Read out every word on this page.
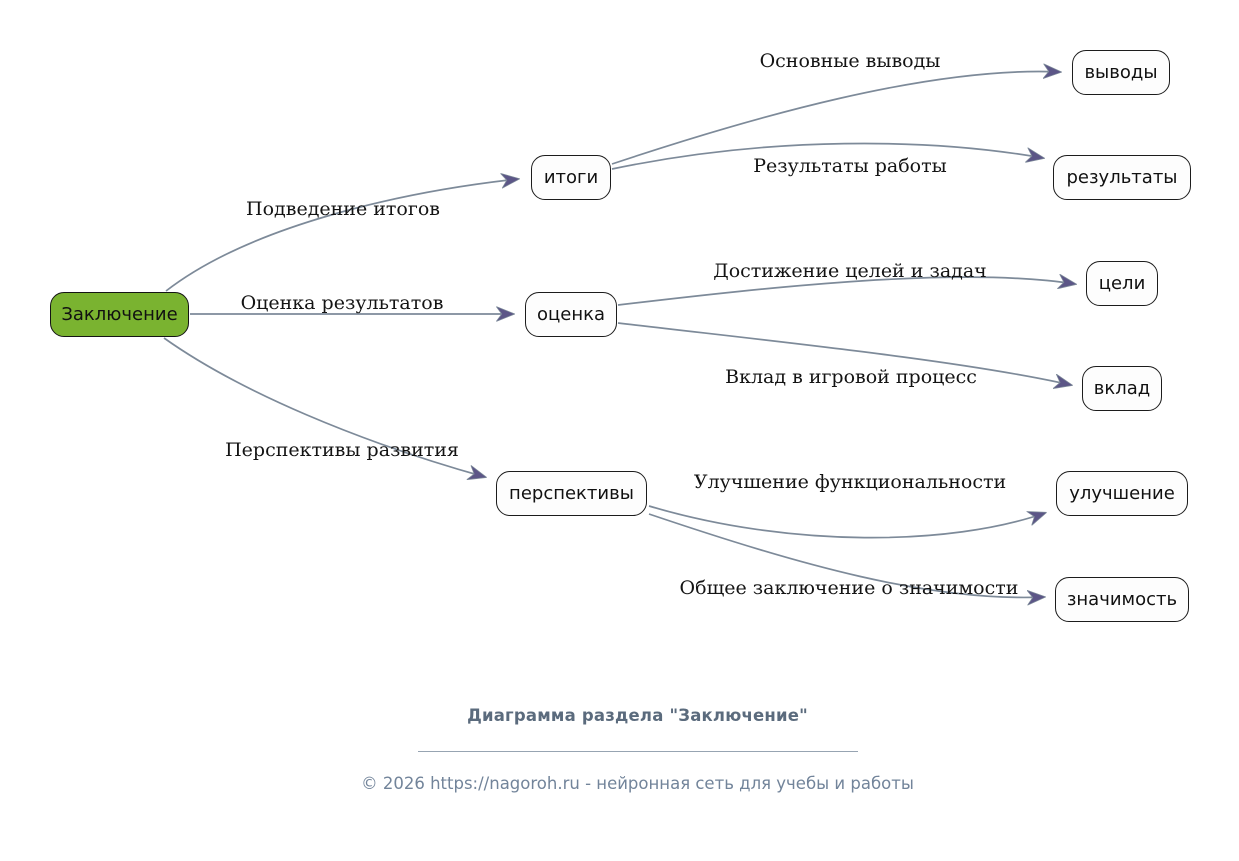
Подведение итогов
Основные выводы
Результаты работы
Оценка результатов
Достижение целей и задач
Вклад в игровой процесс
Перспективы развития
Улучшение функциональности
Общее заключение о значимости
Заключение
итоги
оценка
перспективы
выводы
результаты
цели
вклад
улучшение
значимость
Диаграмма раздела "Заключение"
© 2026 https://nagoroh.ru - нейронная сеть для учебы и работы
